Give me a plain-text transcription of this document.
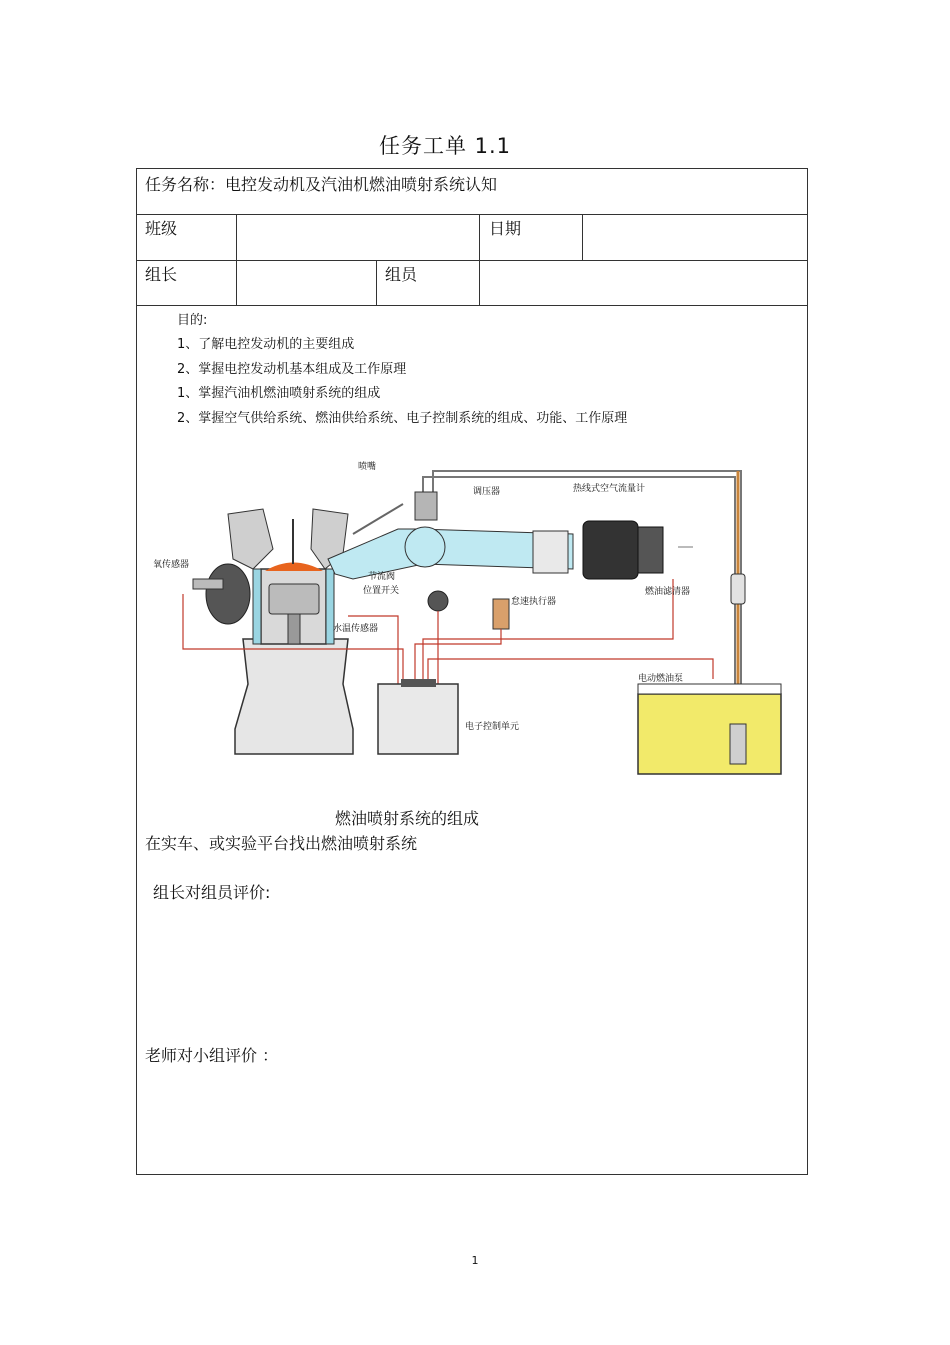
任务工单 1.1
任务名称：电控发动机及汽油机燃油喷射系统认知
班级	日期
组长	组员
目的:
1、了解电控发动机的主要组成
2、掌握电控发动机基本组成及工作原理
1、掌握汽油机燃油喷射系统的组成
2、掌握空气供给系统、燃油供给系统、电子控制系统的组成、功能、工作原理
喷嘴
调压器	热线式空气流量计
氧传感器
节流阀
位置开关
怠速执行器
燃油滤清器
水温传感器
电动燃油泵
电子控制单元
燃油喷射系统的组成
在实车、或实验平台找出燃油喷射系统
组长对组员评价:
老师对小组评价 ：
1
